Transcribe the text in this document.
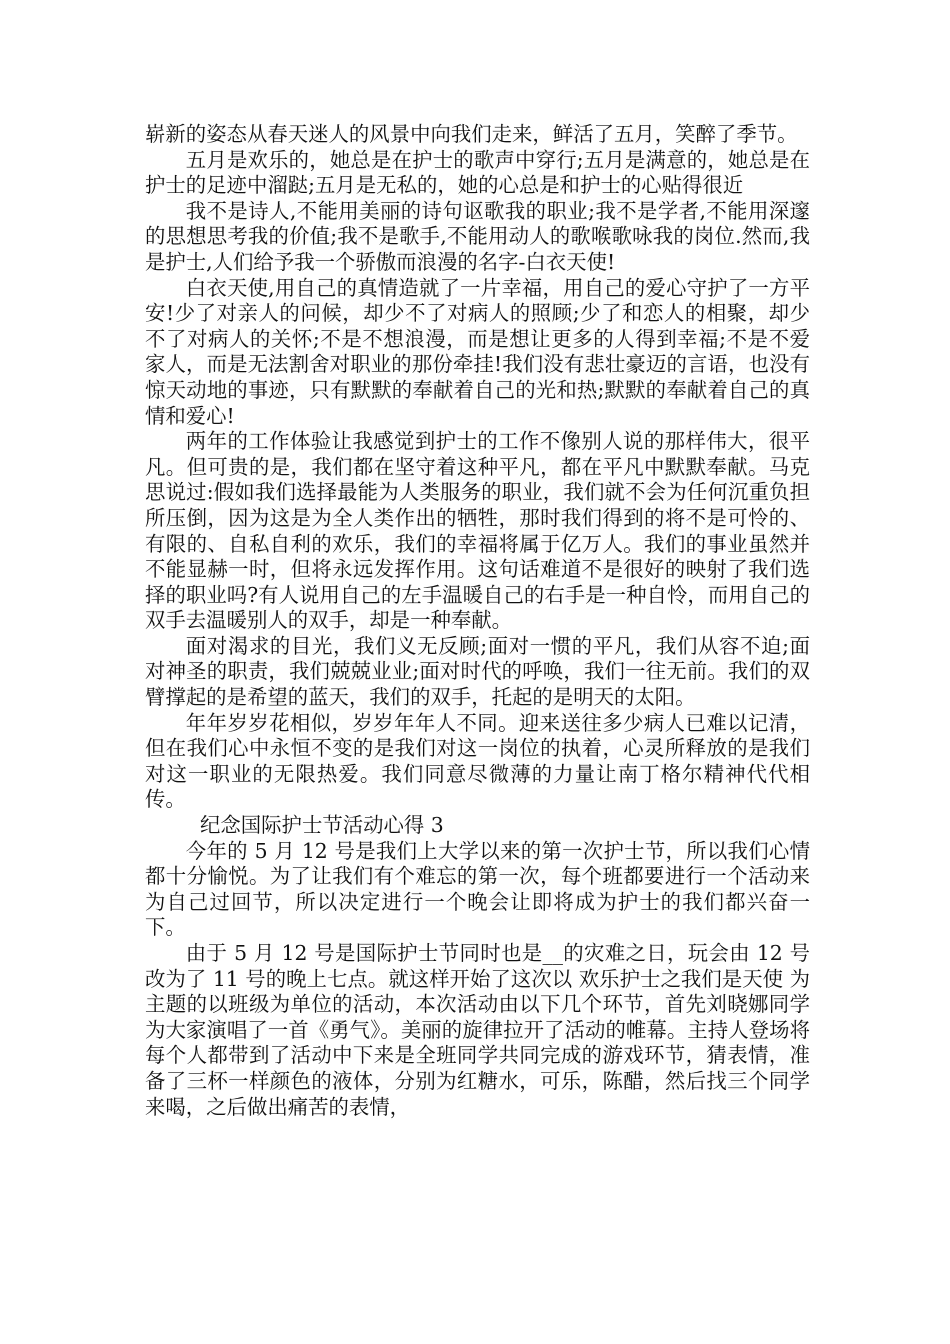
崭新的姿态从春天迷人的风景中向我们走来，鲜活了五月，笑醉了季节。

五月是欢乐的，她总是在护士的歌声中穿行;五月是满意的，她总是在护士的足迹中溜跶;五月是无私的，她的心总是和护士的心贴得很近

我不是诗人,不能用美丽的诗句讴歌我的职业;我不是学者,不能用深邃的思想思考我的价值;我不是歌手,不能用动人的歌喉歌咏我的岗位.然而,我是护士,人们给予我一个骄傲而浪漫的名字-白衣天使!

白衣天使,用自己的真情造就了一片幸福，用自己的爱心守护了一方平安!少了对亲人的问候，却少不了对病人的照顾;少了和恋人的相聚，却少不了对病人的关怀;不是不想浪漫，而是想让更多的人得到幸福;不是不爱家人，而是无法割舍对职业的那份牵挂!我们没有悲壮豪迈的言语，也没有惊天动地的事迹，只有默默的奉献着自己的光和热;默默的奉献着自己的真情和爱心!

两年的工作体验让我感觉到护士的工作不像别人说的那样伟大，很平凡。但可贵的是，我们都在坚守着这种平凡，都在平凡中默默奉献。马克思说过:假如我们选择最能为人类服务的职业，我们就不会为任何沉重负担所压倒，因为这是为全人类作出的牺牲，那时我们得到的将不是可怜的、有限的、自私自利的欢乐，我们的幸福将属于亿万人。我们的事业虽然并不能显赫一时，但将永远发挥作用。这句话难道不是很好的映射了我们选择的职业吗?有人说用自己的左手温暖自己的右手是一种自怜，而用自己的双手去温暖别人的双手，却是一种奉献。

面对渴求的目光，我们义无反顾;面对一惯的平凡，我们从容不迫;面对神圣的职责，我们兢兢业业;面对时代的呼唤，我们一往无前。我们的双臂撑起的是希望的蓝天，我们的双手，托起的是明天的太阳。

年年岁岁花相似，岁岁年年人不同。迎来送往多少病人已难以记清，但在我们心中永恒不变的是我们对这一岗位的执着，心灵所释放的是我们对这一职业的无限热爱。我们同意尽微薄的力量让南丁格尔精神代代相传。

纪念国际护士节活动心得 3

今年的 5 月 12 号是我们上大学以来的第一次护士节，所以我们心情都十分愉悦。为了让我们有个难忘的第一次，每个班都要进行一个活动来为自己过回节，所以决定进行一个晚会让即将成为护士的我们都兴奋一下。

由于 5 月 12 号是国际护士节同时也是__的灾难之日，玩会由 12 号改为了 11 号的晚上七点。就这样开始了这次以 欢乐护士之我们是天使 为主题的以班级为单位的活动，本次活动由以下几个环节，首先刘晓娜同学为大家演唱了一首《勇气》。美丽的旋律拉开了活动的帷幕。主持人登场将每个人都带到了活动中下来是全班同学共同完成的游戏环节，猜表情，准备了三杯一样颜色的液体，分别为红糖水，可乐，陈醋，然后找三个同学来喝，之后做出痛苦的表情，
